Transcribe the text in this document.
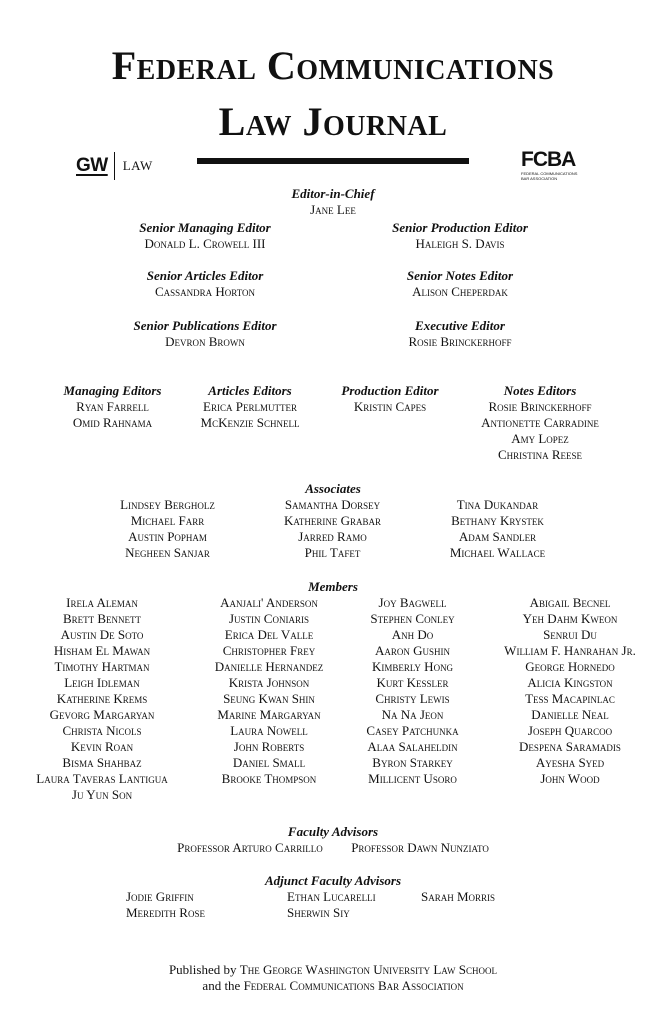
Federal Communications
Law Journal
GW LAW	FCBA
FEDERAL COMMUNICATIONS BAR ASSOCIATION
Editor-in-Chief
Jane Lee
Senior Managing Editor
Donald L. Crowell III
Senior Production Editor
Haleigh S. Davis
Senior Articles Editor
Cassandra Horton
Senior Notes Editor
Alison Cheperdak
Senior Publications Editor
Devron Brown
Executive Editor
Rosie Brinckerhoff
Managing Editors
Ryan Farrell
Omid Rahnama
Articles Editors
Erica Perlmutter
McKenzie Schnell
Production Editor
Kristin Capes
Notes Editors
Rosie Brinckerhoff
Antionette Carradine
Amy Lopez
Christina Reese
Associates
Lindsey Bergholz
Michael Farr
Austin Popham
Negheen Sanjar
Samantha Dorsey
Katherine Grabar
Jarred Ramo
Phil Tafet
Tina Dukandar
Bethany Krystek
Adam Sandler
Michael Wallace
Members
Irela Aleman
Brett Bennett
Austin De Soto
Hisham El Mawan
Timothy Hartman
Leigh Idleman
Katherine Krems
Gevorg Margaryan
Christa Nicols
Kevin Roan
Bisma Shahbaz
Laura Taveras Lantigua
Ju Yun Son
Aanjali' Anderson
Justin Coniaris
Erica Del Valle
Christopher Frey
Danielle Hernandez
Krista Johnson
Seung Kwan Shin
Marine Margaryan
Laura Nowell
John Roberts
Daniel Small
Brooke Thompson
Joy Bagwell
Stephen Conley
Anh Do
Aaron Gushin
Kimberly Hong
Kurt Kessler
Christy Lewis
Na Na Jeon
Casey Patchunka
Alaa Salaheldin
Byron Starkey
Millicent Usoro
Abigail Becnel
Yeh Dahm Kweon
Senrui Du
William F. Hanrahan Jr.
George Hornedo
Alicia Kingston
Tess Macapinlac
Danielle Neal
Joseph Quarcoo
Despena Saramadis
Ayesha Syed
John Wood
Faculty Advisors
Professor Arturo Carrillo Professor Dawn Nunziato
Adjunct Faculty Advisors
Jodie Griffin
Meredith Rose
Ethan Lucarelli
Sherwin Siy
Sarah Morris
Published by The George Washington University Law School
and the Federal Communications Bar Association
